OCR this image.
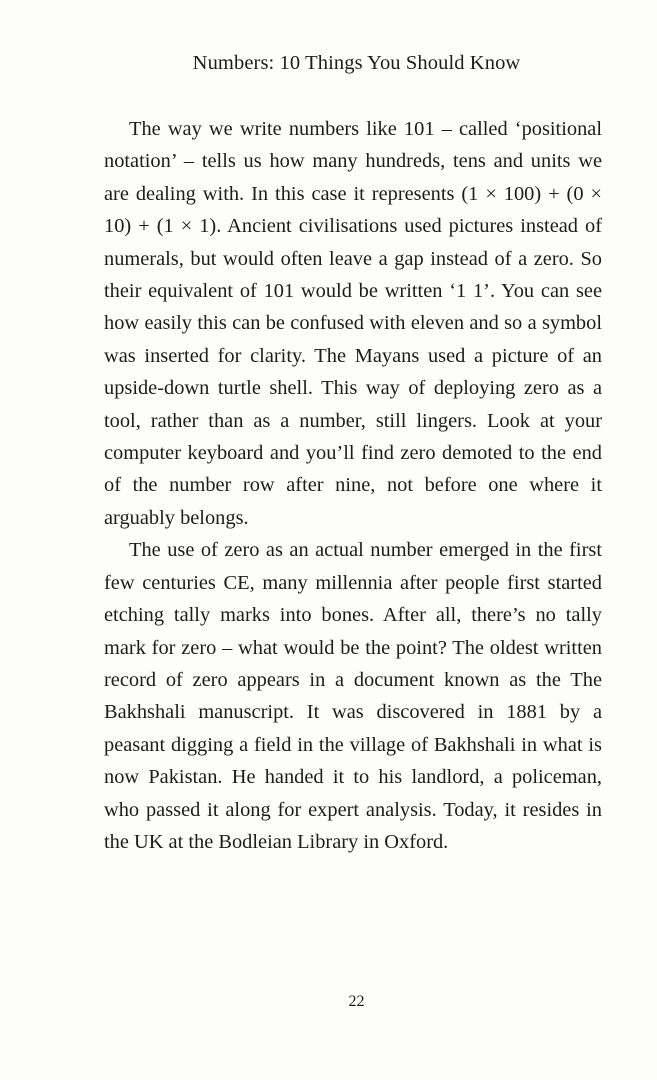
Numbers: 10 Things You Should Know

The way we write numbers like 101 – called ‘positional notation’ – tells us how many hundreds, tens and units we are dealing with. In this case it represents (1 × 100) + (0 × 10) + (1 × 1). Ancient civilisations used pictures instead of numerals, but would often leave a gap instead of a zero. So their equivalent of 101 would be written ‘1 1’. You can see how easily this can be confused with eleven and so a symbol was inserted for clarity. The Mayans used a picture of an upside-down turtle shell. This way of deploying zero as a tool, rather than as a number, still lingers. Look at your computer keyboard and you’ll find zero demoted to the end of the number row after nine, not before one where it arguably belongs.

The use of zero as an actual number emerged in the first few centuries CE, many millennia after people first started etching tally marks into bones. After all, there’s no tally mark for zero – what would be the point? The oldest written record of zero appears in a document known as the The Bakhshali manuscript. It was discovered in 1881 by a peasant digging a field in the village of Bakhshali in what is now Pakistan. He handed it to his landlord, a policeman, who passed it along for expert analysis. Today, it resides in the UK at the Bodleian Library in Oxford.

22
